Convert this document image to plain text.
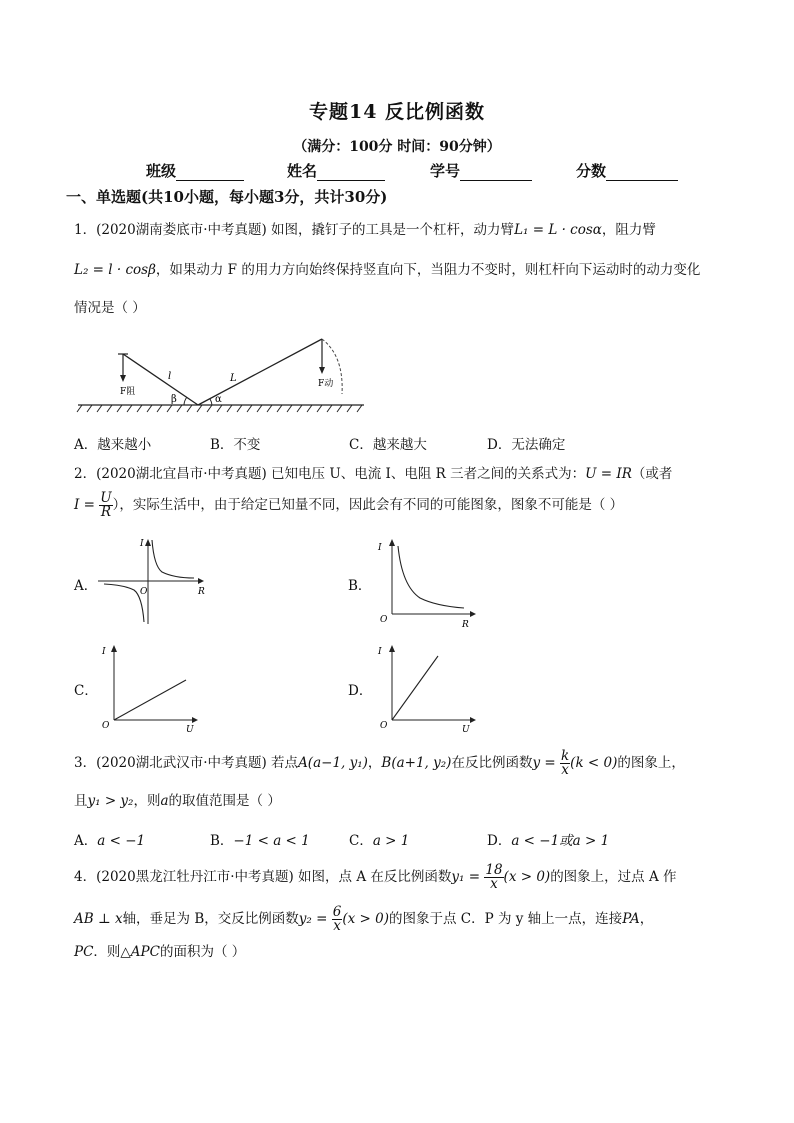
专题14 反比例函数
（满分：100分 时间：90分钟）
班级	姓名	学号	分数
一、单选题(共10小题，每小题3分，共计30分)
1．(2020湖南娄底市·中考真题) 如图，撬钉子的工具是一个杠杆，动力臂L₁ = L · cosα，阻力臂
L₂ = l · cosβ，如果动力 F 的用力方向始终保持竖直向下，当阻力不变时，则杠杆向下运动时的动力变化
情况是（ ）
F阻
F动
l	L
β	α
A．越来越小	B．不变	C．越来越大	D．无法确定
2．(2020湖北宜昌市·中考真题) 已知电压 U、电流 I、电阻 R 三者之间的关系式为：U = IR（或者
$I = \frac{U}{R}$ ），实际生活中，由于给定已知量不同，因此会有不同的可能图象，图象不可能是（ ）
A．
I
O	R	B．
I
O	R
C．
I
O	U
D．
I
O	U
3．(2020湖北武汉市·中考真题) 若点A(a−1, y₁)，B(a+1, y₂)在反比例函数$y = \frac{k}{x} (k < 0)$的图象上，
且y₁ > y₂，则a的取值范围是（ ）
A．a < −1	B．−1 < a < 1	C．a > 1	D．a < −1或a > 1
4．(2020黑龙江牡丹江市·中考真题) 如图，点 A 在反比例函数$y_1 = \frac{18}{x} (x > 0)$的图象上，过点 A 作
AB ⊥ x轴，垂足为 B，交反比例函数$y_2 = \frac{6}{x} (x > 0)$的图象于点 C．P 为 y 轴上一点，连接PA，
PC．则△APC的面积为（ ）
